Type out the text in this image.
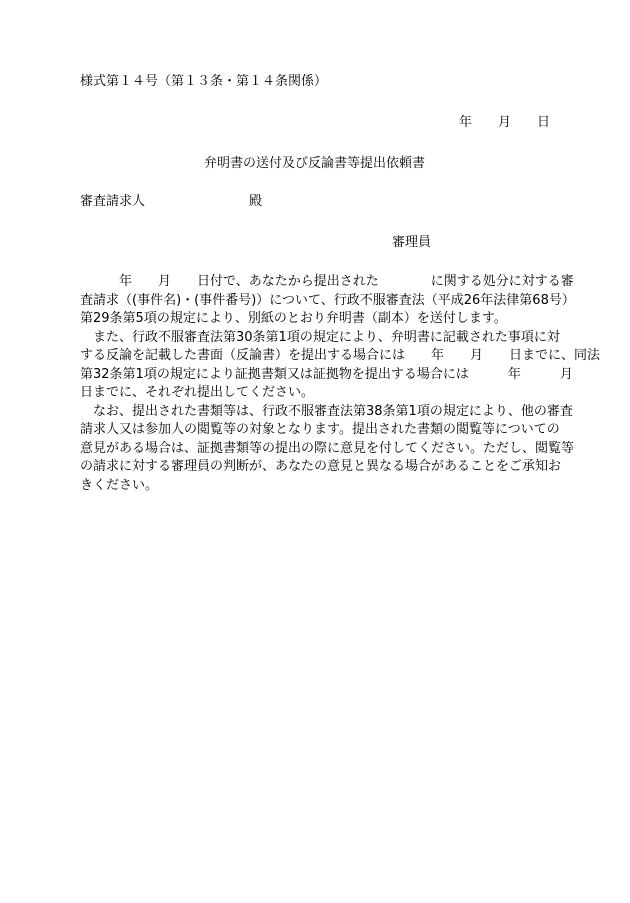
様式第１４号（第１３条・第１４条関係）
年　　月　　日
弁明書の送付及び反論書等提出依頼書
審査請求人　　　　　　　　殿
審理員
　　　年　　月　　日付で、あなたから提出された　　　　に関する処分に対する審
査請求（(事件名)・(事件番号)）について、行政不服審査法（平成26年法律第68号）
第29条第5項の規定により、別紙のとおり弁明書（副本）を送付します。
　また、行政不服審査法第30条第1項の規定により、弁明書に記載された事項に対
する反論を記載した書面（反論書）を提出する場合には　　年　　月　　日までに、同法
第32条第1項の規定により証拠書類又は証拠物を提出する場合には　　　年　　　月
日までに、それぞれ提出してください。
　なお、提出された書類等は、行政不服審査法第38条第1項の規定により、他の審査
請求人又は参加人の閲覧等の対象となります。提出された書類の閲覧等についての
意見がある場合は、証拠書類等の提出の際に意見を付してください。ただし、閲覧等
の請求に対する審理員の判断が、あなたの意見と異なる場合があることをご承知お
きください。
